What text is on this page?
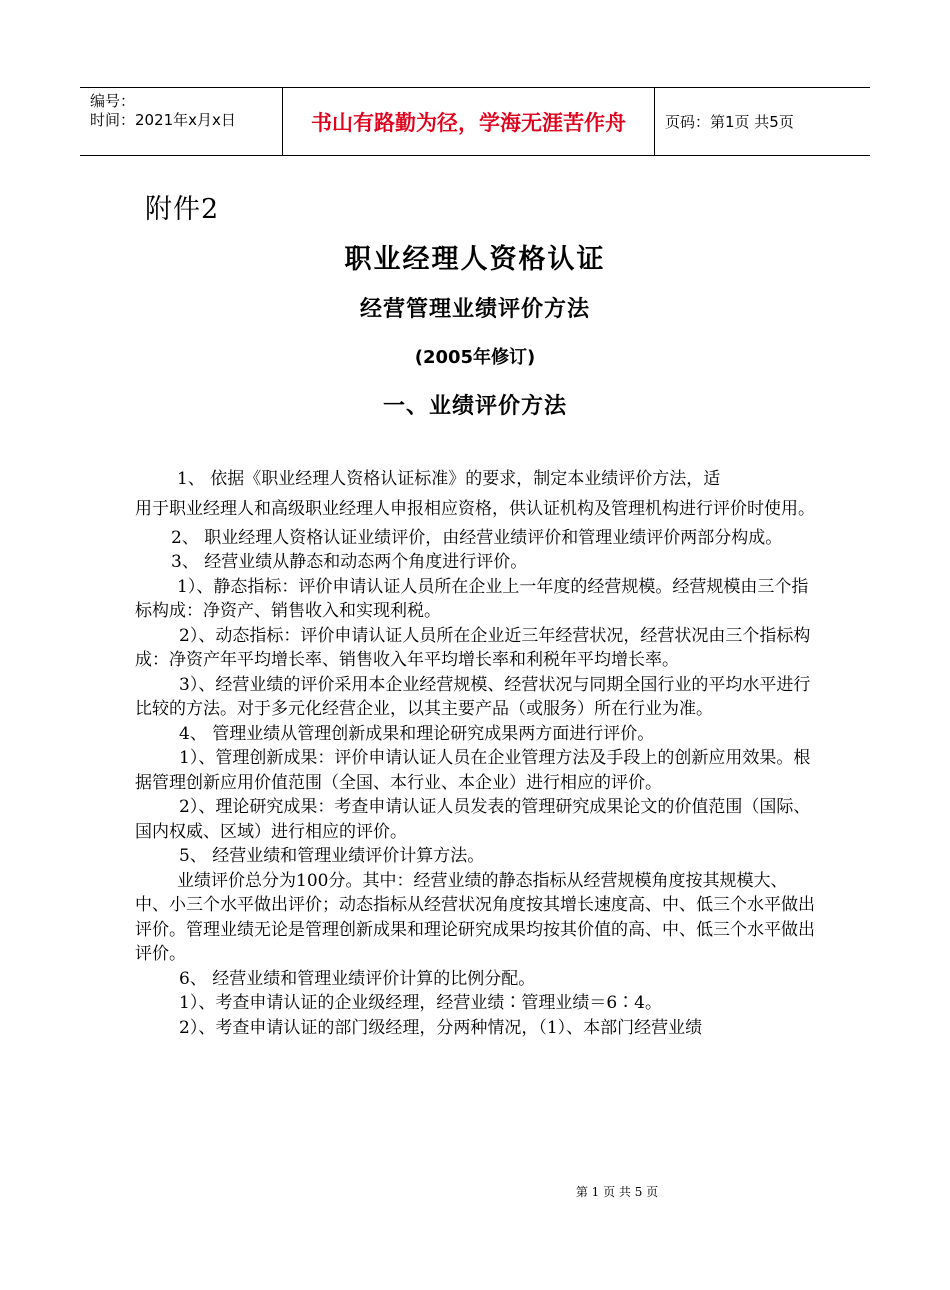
编号：
时间：2021年x月x日	书山有路勤为径，学海无涯苦作舟	页码：第1页 共5页
附件2
职业经理人资格认证
经营管理业绩评价方法
(2005年修订)
一、业绩评价方法

1、 依据《职业经理人资格认证标准》的要求，制定本业绩评价方法，适
用于职业经理人和高级职业经理人申报相应资格，供认证机构及管理机构进行评价时使用。

2、 职业经理人资格认证业绩评价，由经营业绩评价和管理业绩评价两部分构成。

3、 经营业绩从静态和动态两个角度进行评价。

1）、静态指标：评价申请认证人员所在企业上一年度的经营规模。经营规模由三个指标构成：净资产、销售收入和实现利税。

2）、动态指标：评价申请认证人员所在企业近三年经营状况，经营状况由三个指标构成：净资产年平均增长率、销售收入年平均增长率和利税年平均增长率。

3）、经营业绩的评价采用本企业经营规模、经营状况与同期全国行业的平均水平进行比较的方法。对于多元化经营企业，以其主要产品（或服务）所在行业为准。

4、 管理业绩从管理创新成果和理论研究成果两方面进行评价。

1）、管理创新成果：评价申请认证人员在企业管理方法及手段上的创新应用效果。根据管理创新应用价值范围（全国、本行业、本企业）进行相应的评价。

2）、理论研究成果：考查申请认证人员发表的管理研究成果论文的价值范围（国际、国内权威、区域）进行相应的评价。

5、 经营业绩和管理业绩评价计算方法。

业绩评价总分为100分。其中：经营业绩的静态指标从经营规模角度按其规模大、中、小三个水平做出评价；动态指标从经营状况角度按其增长速度高、中、低三个水平做出评价。管理业绩无论是管理创新成果和理论研究成果均按其价值的高、中、低三个水平做出评价。

6、 经营业绩和管理业绩评价计算的比例分配。

1）、考查申请认证的企业级经理，经营业绩∶管理业绩＝6∶4。

2）、考查申请认证的部门级经理，分两种情况，（1）、本部门经营业绩

第 1 页 共 5 页
